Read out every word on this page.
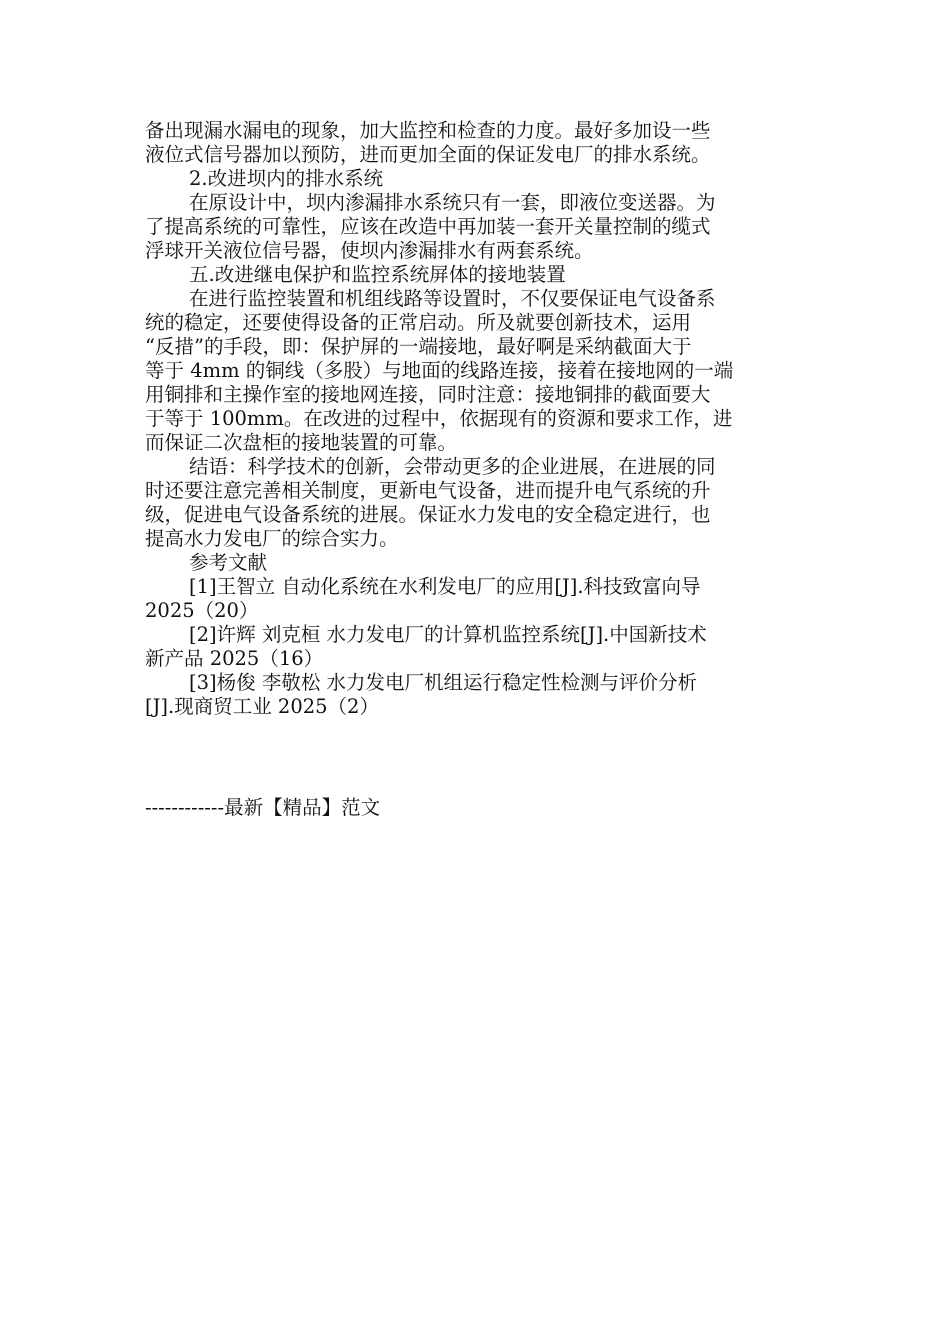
备出现漏水漏电的现象，加大监控和检查的力度。最好多加设一些
液位式信号器加以预防，进而更加全面的保证发电厂的排水系统。

2.改进坝内的排水系统

在原设计中，坝内渗漏排水系统只有一套，即液位变送器。为
了提高系统的可靠性，应该在改造中再加装一套开关量控制的缆式
浮球开关液位信号器，使坝内渗漏排水有两套系统。

五.改进继电保护和监控系统屏体的接地装置

在进行监控装置和机组线路等设置时，不仅要保证电气设备系
统的稳定，还要使得设备的正常启动。所及就要创新技术，运用
“反措”的手段，即：保护屏的一端接地，最好啊是采纳截面大于
等于 4mm 的铜线（多股）与地面的线路连接，接着在接地网的一端
用铜排和主操作室的接地网连接，同时注意：接地铜排的截面要大
于等于 100mm。在改进的过程中，依据现有的资源和要求工作，进
而保证二次盘柜的接地装置的可靠。

结语：科学技术的创新，会带动更多的企业进展，在进展的同
时还要注意完善相关制度，更新电气设备，进而提升电气系统的升
级，促进电气设备系统的进展。保证水力发电的安全稳定进行，也
提高水力发电厂的综合实力。

参考文献

[1]王智立 自动化系统在水利发电厂的应用[J].科技致富向导
2025（20）

[2]许辉 刘克桓 水力发电厂的计算机监控系统[J].中国新技术
新产品 2025（16）

[3]杨俊 李敬松 水力发电厂机组运行稳定性检测与评价分析
[J].现商贸工业 2025（2）

------------最新【精品】范文
